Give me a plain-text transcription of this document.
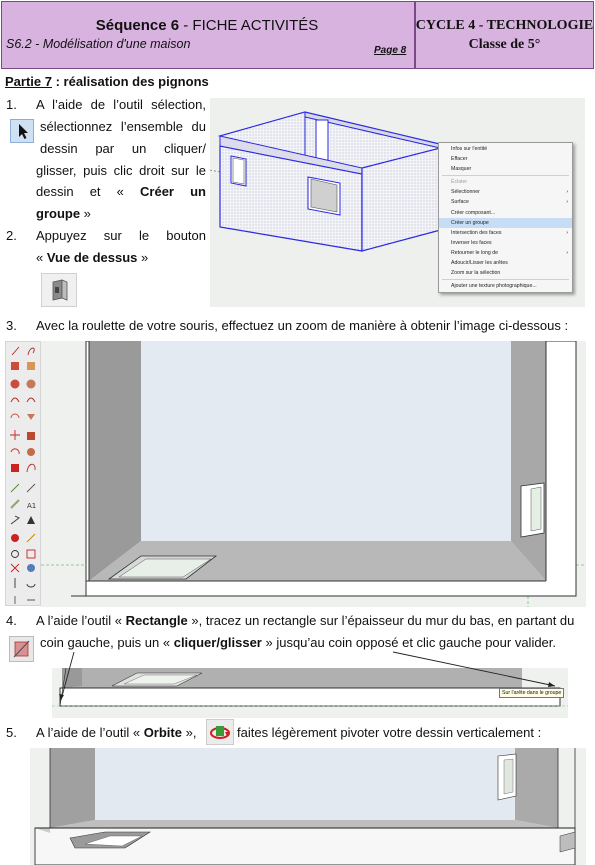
Séquence 6 - FICHE ACTIVITÉS
S6.2 - Modélisation d'une maison	Page 8
CYCLE 4 - TECHNOLOGIE
Classe de 5°
Partie 7 : réalisation des pignons
1. A l’aide de l’outil sélection,
sélectionnez l’ensemble du
dessin par un cliquer/
glisser, puis clic droit sur le
dessin et « Créer un
groupe »
2. Appuyez sur le bouton
« Vue de dessus »
Infos sur l'entité
Effacer
Masquer
Éclater
Sélectionner	›
Surface	›
Créer composant...
Créer un groupe
Intersection des faces	›
Inverser les faces
Retourner le long de	›
Adoucir/Lisser les arêtes
Zoom sur la sélection
Ajouter une texture photographique...
3. Avec la roulette de votre souris, effectuez un zoom de manière à obtenir l’image ci-dessous :
A1
4. A l’aide l’outil « Rectangle », tracez un rectangle sur l’épaisseur du mur du bas, en partant du
coin gauche, puis un « cliquer/glisser » jusqu’au coin opposé et clic gauche pour valider.
Sur l'arête dans le groupe
5. A l’aide de l’outil « Orbite »,	faites légèrement pivoter votre dessin verticalement :
